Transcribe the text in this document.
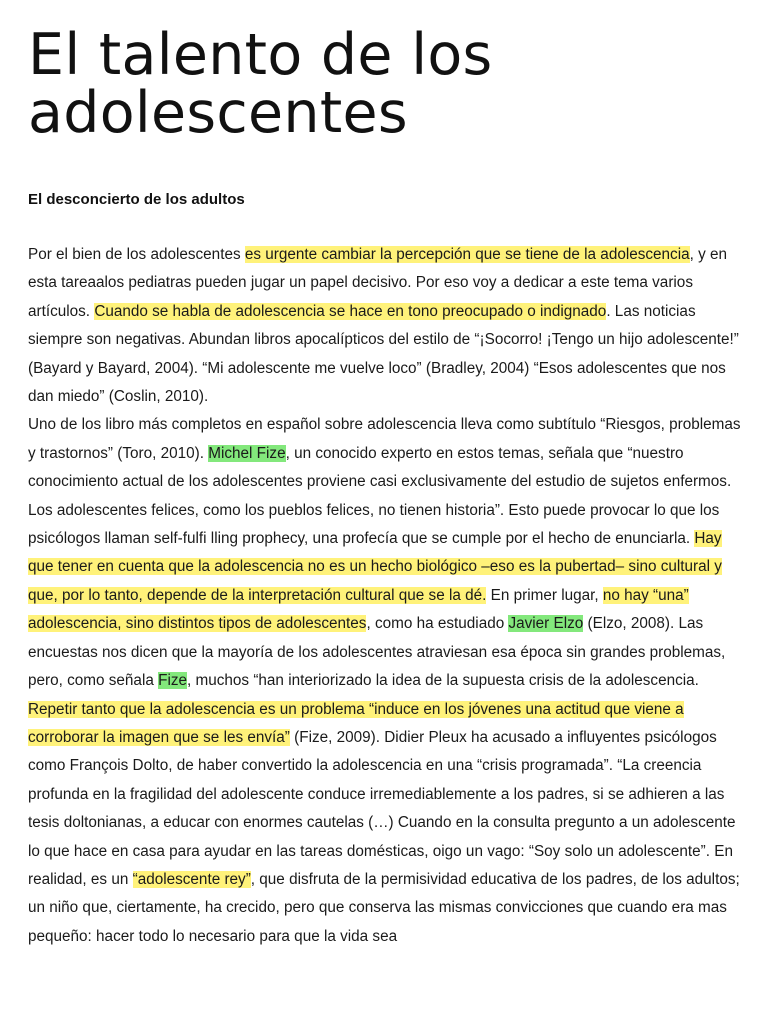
El talento de los adolescentes
El desconcierto de los adultos

Por el bien de los adolescentes es urgente cambiar la percepción que se tiene de la adolescencia, y en esta tareaalos pediatras pueden jugar un papel decisivo. Por eso voy a dedicar a este tema varios artículos. Cuando se habla de adolescencia se hace en tono preocupado o indignado. Las noticias siempre son negativas. Abundan libros apocalípticos del estilo de “¡Socorro! ¡Tengo un hijo adolescente!” (Bayard y Bayard, 2004). “Mi adolescente me vuelve loco” (Bradley, 2004) “Esos adolescentes que nos dan miedo” (Coslin, 2010).

Uno de los libro más completos en español sobre adolescencia lleva como subtítulo “Riesgos, problemas y trastornos” (Toro, 2010). Michel Fize, un conocido experto en estos temas, señala que “nuestro conocimiento actual de los adolescentes proviene casi exclusivamente del estudio de sujetos enfermos. Los adolescentes felices, como los pueblos felices, no tienen historia”. Esto puede provocar lo que los psicólogos llaman self-fulfi lling prophecy, una profecía que se cumple por el hecho de enunciarla. Hay que tener en cuenta que la adolescencia no es un hecho biológico –eso es la pubertad– sino cultural y que, por lo tanto, depende de la interpretación cultural que se la dé. En primer lugar, no hay “una” adolescencia, sino distintos tipos de adolescentes, como ha estudiado Javier Elzo (Elzo, 2008). Las encuestas nos dicen que la mayoría de los adolescentes atraviesan esa época sin grandes problemas, pero, como señala Fize, muchos “han interiorizado la idea de la supuesta crisis de la adolescencia. Repetir tanto que la adolescencia es un problema “induce en los jóvenes una actitud que viene a corroborar la imagen que se les envía” (Fize, 2009). Didier Pleux ha acusado a influyentes psicólogos como François Dolto, de haber convertido la adolescencia en una “crisis programada”. “La creencia profunda en la fragilidad del adolescente conduce irremediablemente a los padres, si se adhieren a las tesis doltonianas, a educar con enormes cautelas (…) Cuando en la consulta pregunto a un adolescente lo que hace en casa para ayudar en las tareas domésticas, oigo un vago: “Soy solo un adolescente”. En realidad, es un “adolescente rey”, que disfruta de la permisividad educativa de los padres, de los adultos; un niño que, ciertamente, ha crecido, pero que conserva las mismas convicciones que cuando era mas pequeño: hacer todo lo necesario para que la vida sea
